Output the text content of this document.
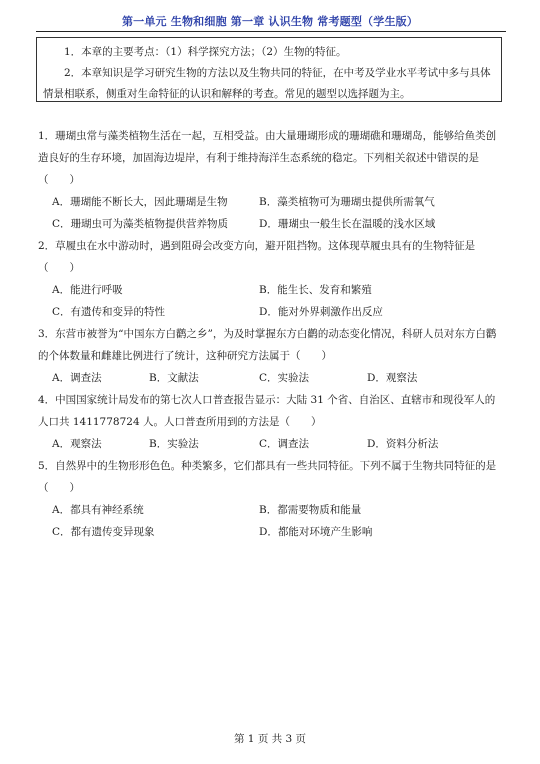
第一单元 生物和细胞 第一章 认识生物 常考题型（学生版）

1．本章的主要考点：（1）科学探究方法；（2）生物的特征。

2．本章知识是学习研究生物的方法以及生物共同的特征，在中考及学业水平考试中多与具体情景相联系，侧重对生命特征的认识和解释的考查。常见的题型以选择题为主。

1．珊瑚虫常与藻类植物生活在一起，互相受益。由大量珊瑚形成的珊瑚礁和珊瑚岛，能够给鱼类创造良好的生存环境，加固海边堤岸，有利于维持海洋生态系统的稳定。下列相关叙述中错误的是（　　）

A．珊瑚能不断长大，因此珊瑚是生物	B．藻类植物可为珊瑚虫提供所需氧气
C．珊瑚虫可为藻类植物提供营养物质	D．珊瑚虫一般生长在温暖的浅水区域

2．草履虫在水中游动时，遇到阻碍会改变方向，避开阻挡物。这体现草履虫具有的生物特征是（　　）

A．能进行呼吸	B．能生长、发育和繁殖
C．有遗传和变异的特性	D．能对外界刺激作出反应

3．东营市被誉为“中国东方白鹳之乡”，为及时掌握东方白鹳的动态变化情况，科研人员对东方白鹳的个体数量和雌雄比例进行了统计，这种研究方法属于（　　）

A．调查法	B．文献法	C．实验法	D．观察法

4．中国国家统计局发布的第七次人口普查报告显示：大陆 31 个省、自治区、直辖市和现役军人的人口共 1411778724 人。人口普查所用到的方法是（　　）

A．观察法	B．实验法	C．调查法	D．资料分析法

5．自然界中的生物形形色色。种类繁多，它们都具有一些共同特征。下列不属于生物共同特征的是（　　）

A．都具有神经系统	B．都需要物质和能量
C．都有遗传变异现象	D．都能对环境产生影响
第 1 页 共 3 页
